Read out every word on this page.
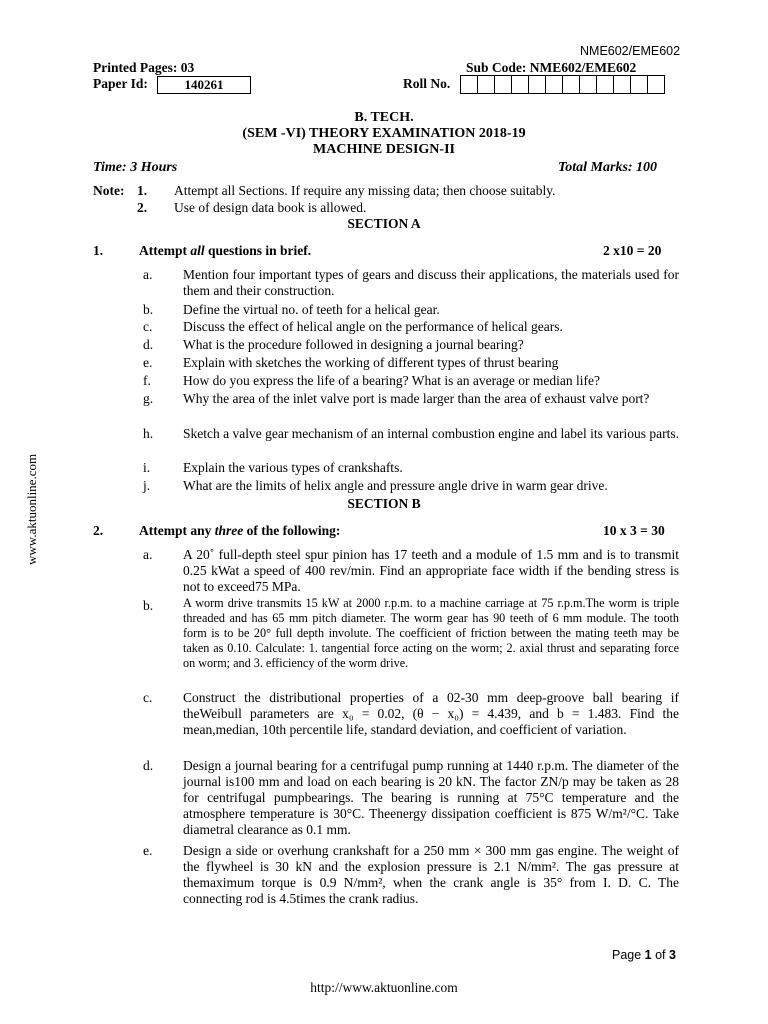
NME602/EME602
Printed Pages: 03	Sub Code: NME602/EME602
Paper Id:	140261	Roll No.
www.aktuonline.com
B. TECH.
(SEM -VI) THEORY EXAMINATION 2018-19
MACHINE DESIGN-II
Time: 3 Hours	Total Marks: 100
Note: 1. Attempt all Sections. If require any missing data; then choose suitably.
2. Use of design data book is allowed.
SECTION A
1.	Attempt all questions in brief.	2 x10 = 20
a. Mention four important types of gears and discuss their applications, the materials used for them and their construction.
b. Define the virtual no. of teeth for a helical gear.
c. Discuss the effect of helical angle on the performance of helical gears.
d. What is the procedure followed in designing a journal bearing?
e. Explain with sketches the working of different types of thrust bearing
f. How do you express the life of a bearing? What is an average or median life?
g. Why the area of the inlet valve port is made larger than the area of exhaust valve port?
h. Sketch a valve gear mechanism of an internal combustion engine and label its various parts.
i. Explain the various types of crankshafts.
j. What are the limits of helix angle and pressure angle drive in warm gear drive.
SECTION B
2.	Attempt any three of the following:	10 x 3 = 30
a. A 20˚ full-depth steel spur pinion has 17 teeth and a module of 1.5 mm and is to transmit 0.25 kWat a speed of 400 rev/min. Find an appropriate face width if the bending stress is not to exceed75 MPa.
b. A worm drive transmits 15 kW at 2000 r.p.m. to a machine carriage at 75 r.p.m.The worm is triple threaded and has 65 mm pitch diameter. The worm gear has 90 teeth of 6 mm module. The tooth form is to be 20° full depth involute. The coefficient of friction between the mating teeth may be taken as 0.10. Calculate: 1. tangential force acting on the worm; 2. axial thrust and separating force on worm; and 3. efficiency of the worm drive.
c. Construct the distributional properties of a 02-30 mm deep-groove ball bearing if theWeibull parameters are x₀ = 0.02, (θ − x₀) = 4.439, and b = 1.483. Find the mean,median, 10th percentile life, standard deviation, and coefficient of variation.
d. Design a journal bearing for a centrifugal pump running at 1440 r.p.m. The diameter of the journal is100 mm and load on each bearing is 20 kN. The factor ZN/p may be taken as 28 for centrifugal pumpbearings. The bearing is running at 75°C temperature and the atmosphere temperature is 30°C. Theenergy dissipation coefficient is 875 W/m²/°C. Take diametral clearance as 0.1 mm.
e. Design a side or overhung crankshaft for a 250 mm × 300 mm gas engine. The weight of the flywheel is 30 kN and the explosion pressure is 2.1 N/mm². The gas pressure at themaximum torque is 0.9 N/mm², when the crank angle is 35° from I. D. C. The connecting rod is 4.5times the crank radius.
Page 1 of 3
http://www.aktuonline.com
